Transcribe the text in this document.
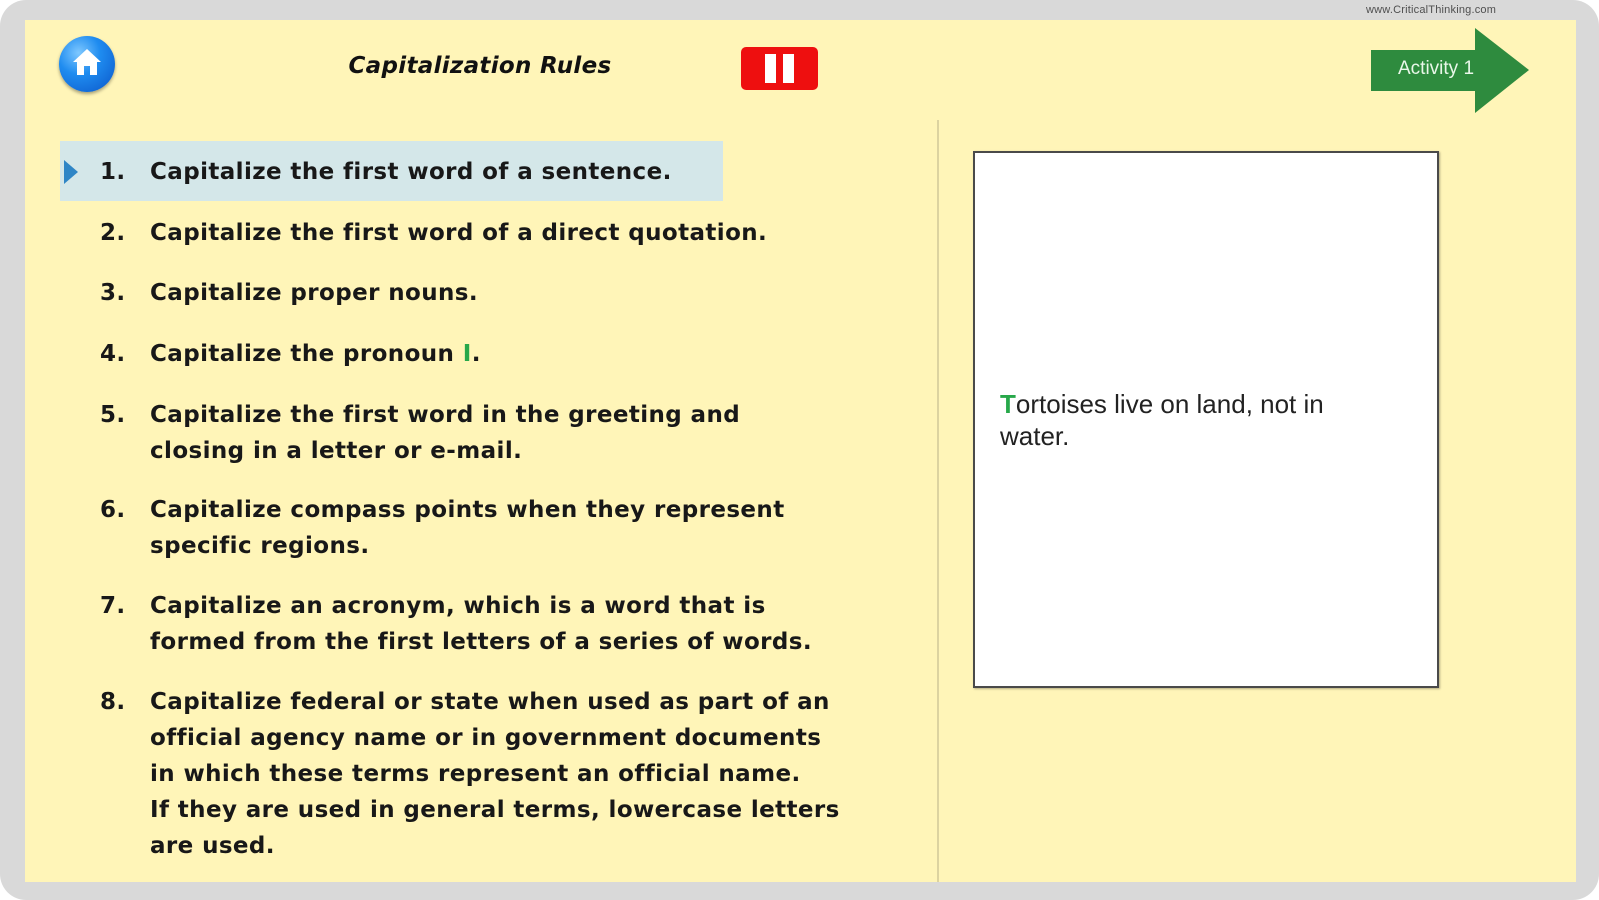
www.CriticalThinking.com
Capitalization Rules	Activity 1
1.	Capitalize the first word of a sentence.
2.	Capitalize the first word of a direct quotation.
3.	Capitalize proper nouns.
4.	Capitalize the pronoun I.
5.	Capitalize the first word in the greeting and
closing in a letter or e-mail.
6.	Capitalize compass points when they represent
specific regions.
7.	Capitalize an acronym, which is a word that is
formed from the first letters of a series of words.
8.	Capitalize federal or state when used as part of an
official agency name or in government documents
in which these terms represent an official name.
If they are used in general terms, lowercase letters
are used.
Tortoises live on land, not in
water.
